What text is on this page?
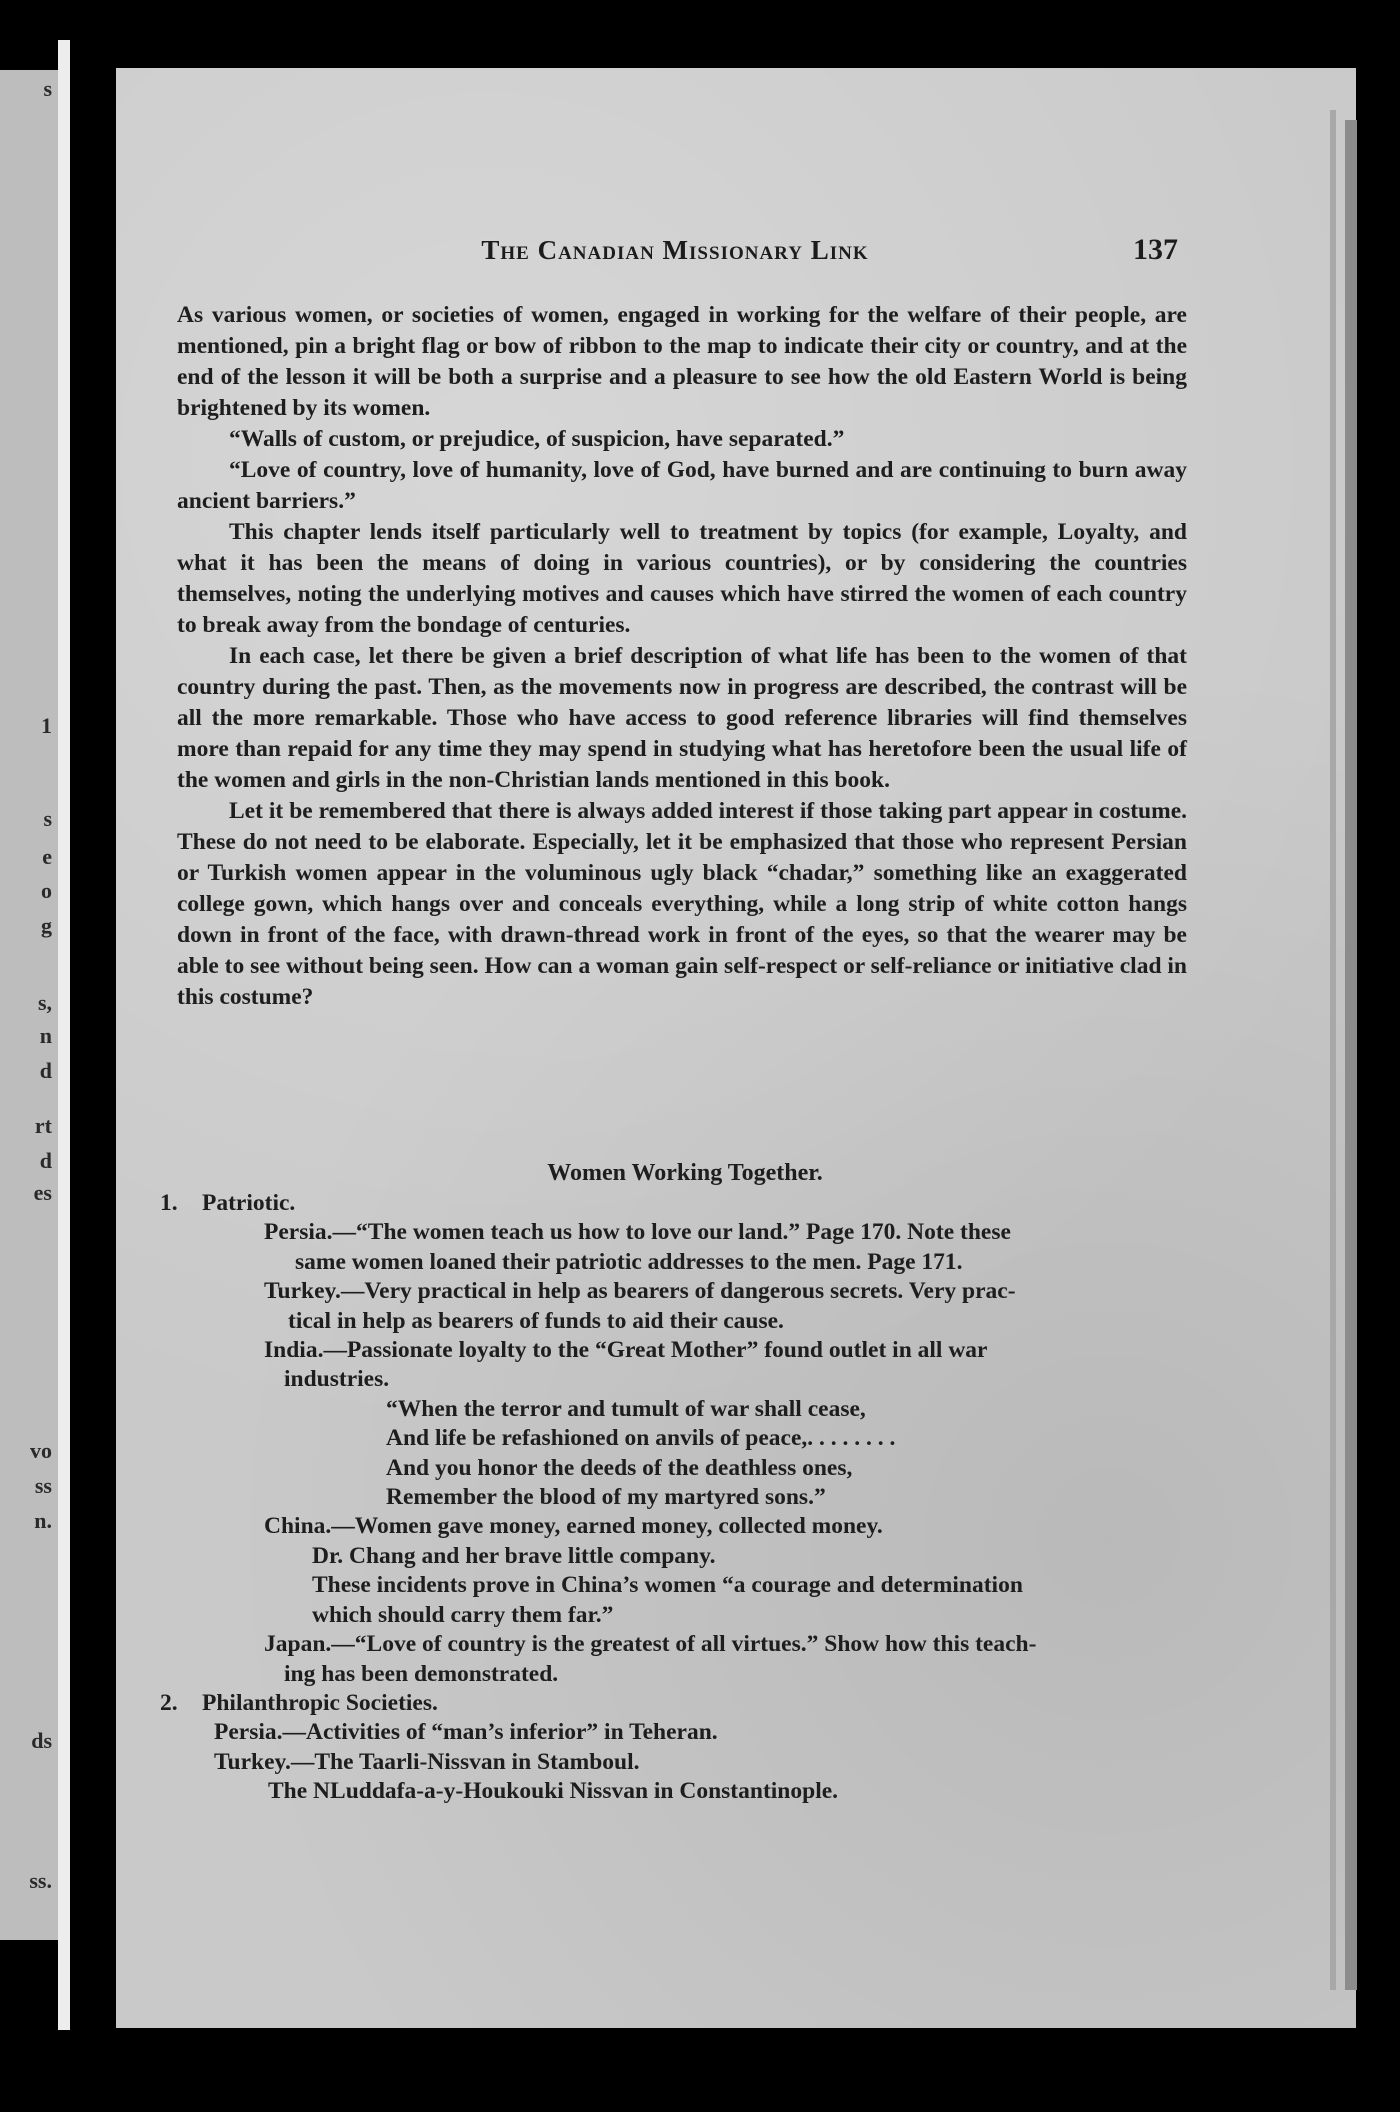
s
1
s
e
o
g
s,
n
d
rt
d
es
vo
ss
n.
ds
ss.
The Canadian Missionary Link	137

As various women, or societies of women, engaged in working for the welfare of their people, are mentioned, pin a bright flag or bow of ribbon to the map to indicate their city or country, and at the end of the lesson it will be both a surprise and a pleasure to see how the old Eastern World is being brightened by its women.

“Walls of custom, or prejudice, of suspicion, have separated.”

“Love of country, love of humanity, love of God, have burned and are continuing to burn away ancient barriers.”

This chapter lends itself particularly well to treatment by topics (for example, Loyalty, and what it has been the means of doing in various countries), or by considering the countries themselves, noting the underlying motives and causes which have stirred the women of each country to break away from the bondage of centuries.

In each case, let there be given a brief description of what life has been to the women of that country during the past. Then, as the movements now in progress are described, the contrast will be all the more remarkable. Those who have access to good reference libraries will find themselves more than repaid for any time they may spend in studying what has heretofore been the usual life of the women and girls in the non-Christian lands mentioned in this book.

Let it be remembered that there is always added interest if those taking part appear in costume. These do not need to be elaborate. Especially, let it be emphasized that those who represent Persian or Turkish women appear in the voluminous ugly black “chadar,” something like an exaggerated college gown, which hangs over and conceals everything, while a long strip of white cotton hangs down in front of the face, with drawn-thread work in front of the eyes, so that the wearer may be able to see without being seen. How can a woman gain self-respect or self-reliance or initiative clad in this costume?

Women Working Together.
1. Patriotic.
Persia.—“The women teach us how to love our land.” Page 170. Note these
same women loaned their patriotic addresses to the men. Page 171.
Turkey.—Very practical in help as bearers of dangerous secrets. Very prac-
tical in help as bearers of funds to aid their cause.
India.—Passionate loyalty to the “Great Mother” found outlet in all war
industries.
“When the terror and tumult of war shall cease,
And life be refashioned on anvils of peace,. . . . . . . .
And you honor the deeds of the deathless ones,
Remember the blood of my martyred sons.”
China.—Women gave money, earned money, collected money.
Dr. Chang and her brave little company.
These incidents prove in China’s women “a courage and determination
which should carry them far.”
Japan.—“Love of country is the greatest of all virtues.” Show how this teach-
ing has been demonstrated.
2. Philanthropic Societies.
Persia.—Activities of “man’s inferior” in Teheran.
Turkey.—The Taarli-Nissvan in Stamboul.
The NLuddafa-a-y-Houkouki Nissvan in Constantinople.
